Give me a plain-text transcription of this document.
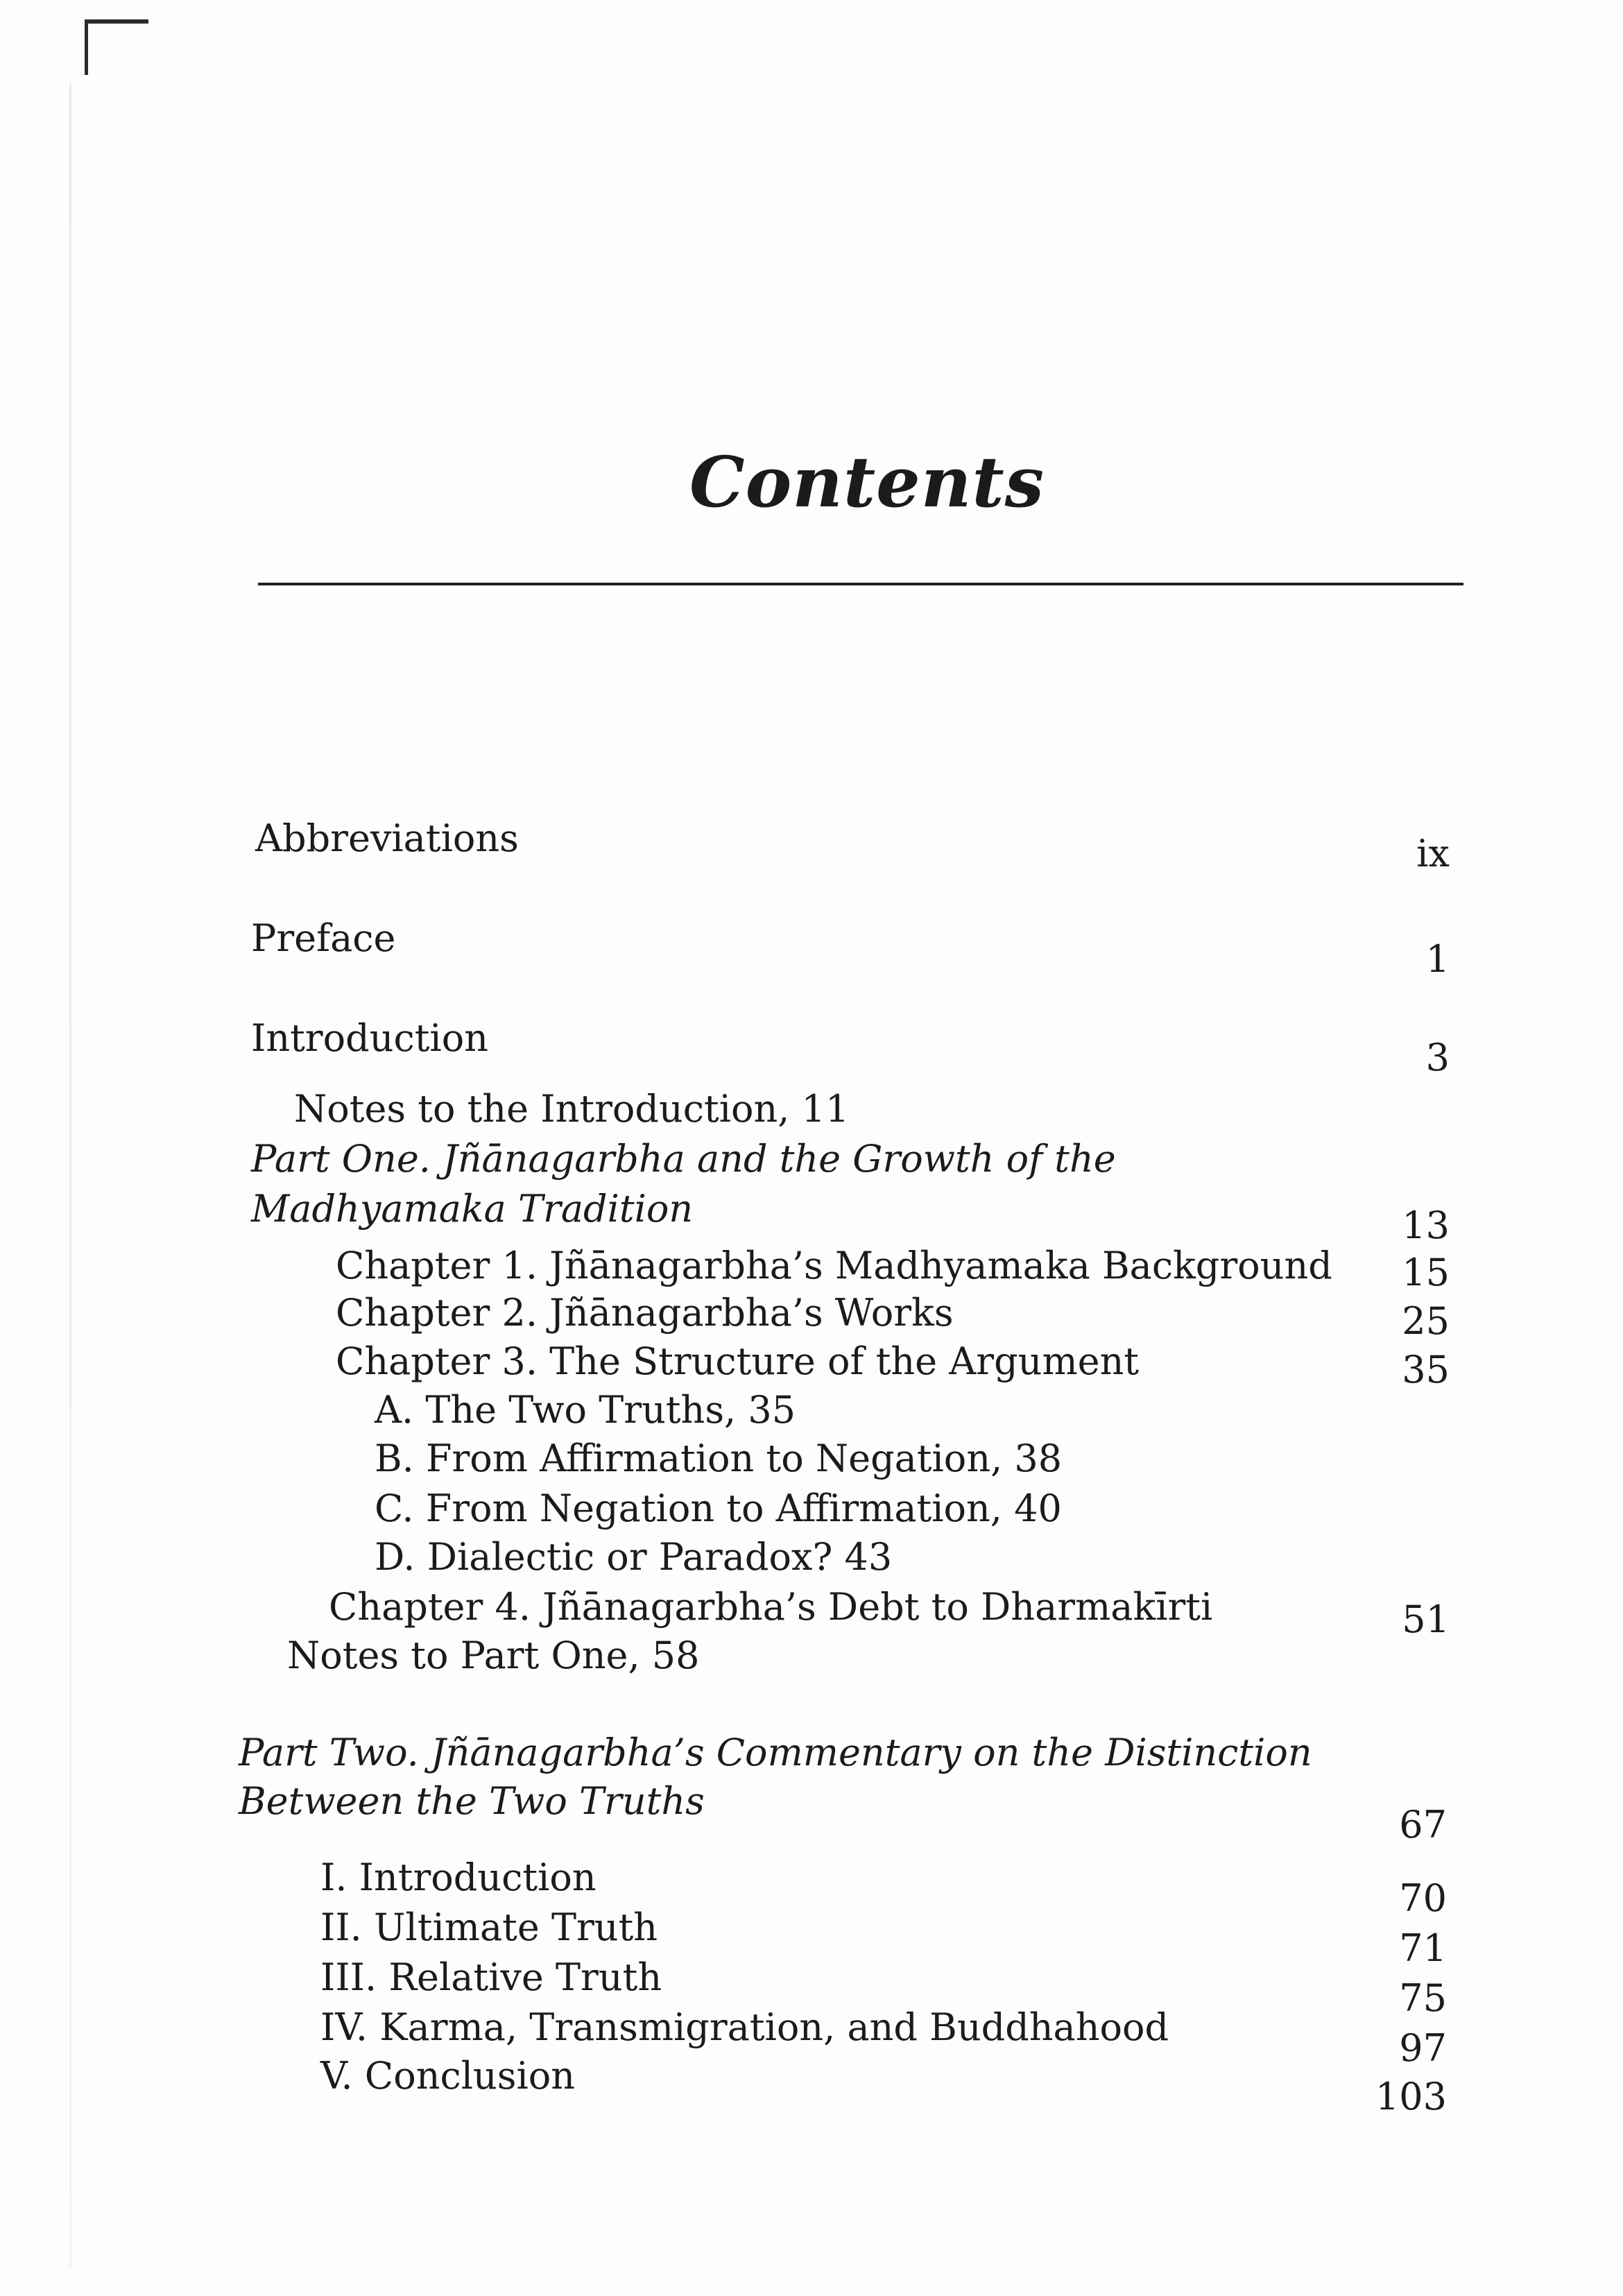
Contents
Abbreviations	ix
Preface	1
Introduction	3
Notes to the Introduction, 11
Part One. Jñānagarbha and the Growth of the
Madhyamaka Tradition	13
Chapter 1. Jñānagarbha’s Madhyamaka Background 15
Chapter 2. Jñānagarbha’s Works	25
Chapter 3. The Structure of the Argument	35
A. The Two Truths, 35
B. From Affirmation to Negation, 38
C. From Negation to Affirmation, 40
D. Dialectic or Paradox? 43
Chapter 4. Jñānagarbha’s Debt to Dharmakīrti	51
Notes to Part One, 58
Part Two. Jñānagarbha’s Commentary on the Distinction
Between the Two Truths
67
I. Introduction	70
II. Ultimate Truth	71
III. Relative Truth	75
IV. Karma, Transmigration, and Buddhahood	97
V. Conclusion	103
